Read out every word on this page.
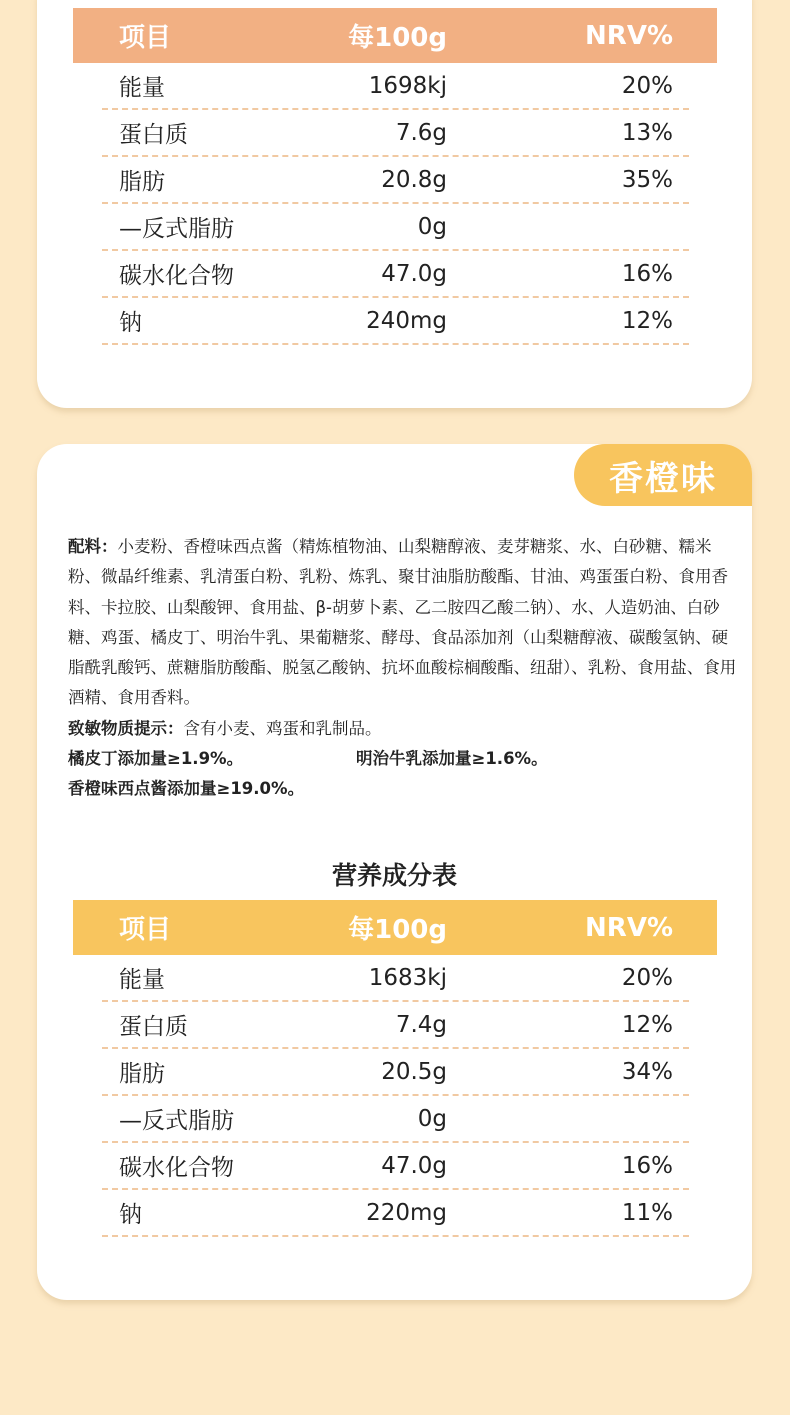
项目	每100g	NRV%
能量	1698kj	20%
蛋白质	7.6g	13%
脂肪	20.8g	35%
—反式脂肪	0g
碳水化合物	47.0g	16%
钠	240mg	12%
香橙味

配料：小麦粉、香橙味西点酱（精炼植物油、山梨糖醇液、麦芽糖浆、水、白砂糖、糯米粉、微晶纤维素、乳清蛋白粉、乳粉、炼乳、聚甘油脂肪酸酯、甘油、鸡蛋蛋白粉、食用香料、卡拉胶、山梨酸钾、食用盐、β-胡萝卜素、乙二胺四乙酸二钠）、水、人造奶油、白砂糖、鸡蛋、橘皮丁、明治牛乳、果葡糖浆、酵母、食品添加剂（山梨糖醇液、碳酸氢钠、硬脂酰乳酸钙、蔗糖脂肪酸酯、脱氢乙酸钠、抗坏血酸棕榈酸酯、纽甜）、乳粉、食用盐、食用酒精、食用香料。

致敏物质提示：含有小麦、鸡蛋和乳制品。

橘皮丁添加量≥1.9%。	明治牛乳添加量≥1.6%。

香橙味西点酱添加量≥19.0%。

营养成分表
项目	每100g	NRV%
能量	1683kj	20%
蛋白质	7.4g	12%
脂肪	20.5g	34%
—反式脂肪	0g
碳水化合物	47.0g	16%
钠	220mg	11%
